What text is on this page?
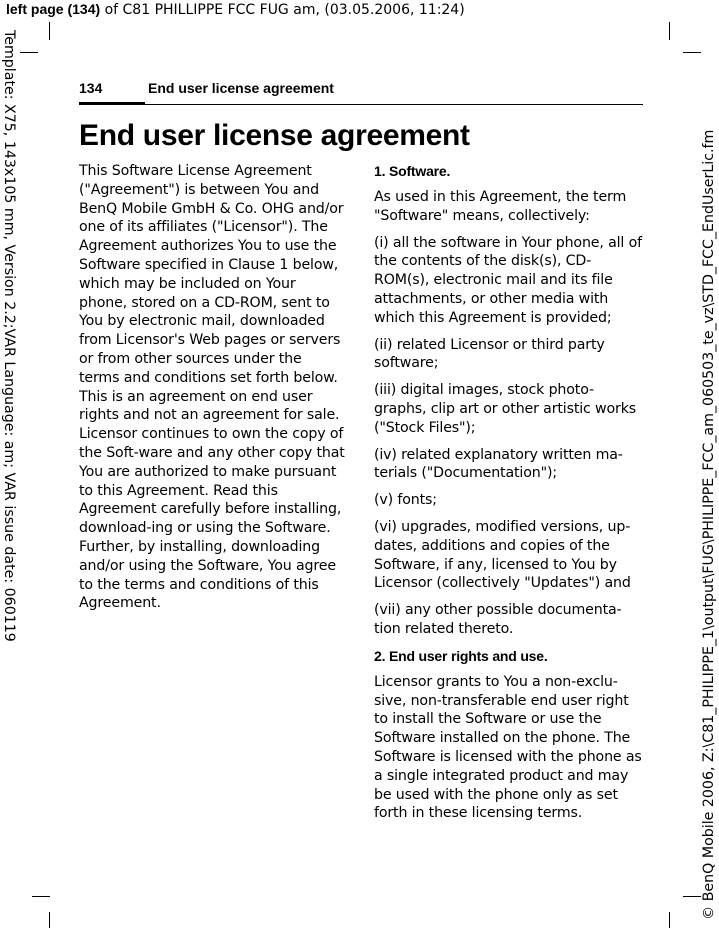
left page (134) of C81 PHILLIPPE FCC FUG am, (03.05.2006, 11:24)
Template: X75, 143x105 mm, Version 2.2;VAR Language: am; VAR issue date: 060119	© BenQ Mobile 2006, Z:\C81_PHILIPPE_1\output\FUG\PHILIPPE_FCC_am_060503_te_vz\STD_FCC_EndUserLic.fm
134	End user license agreement
End user license agreement
This Software License Agreement ("Agreement") is between You and BenQ Mobile GmbH & Co. OHG and/or one of its affiliates ("Licensor"). The Agreement authorizes You to use the Software specified in Clause 1 below, which may be included on Your phone, stored on a CD-ROM, sent to You by electronic mail, downloaded from Licensor's Web pages or servers or from other sources under the terms and conditions set forth below. This is an agreement on end user rights and not an agreement for sale. Licensor continues to own the copy of the Soft-ware and any other copy that You are authorized to make pursuant to this Agreement. Read this Agreement carefully before installing, download-ing or using the Software. Further, by installing, downloading and/or using the Software, You agree to the terms and conditions of this Agreement.
1. Software.

As used in this Agreement, the term "Software" means, collectively:

(i) all the software in Your phone, all of the contents of the disk(s), CD-ROM(s), electronic mail and its file attachments, or other media with which this Agreement is provided;

(ii) related Licensor or third party software;

(iii) digital images, stock photo-graphs, clip art or other artistic works ("Stock Files");

(iv) related explanatory written ma-terials ("Documentation");

(v) fonts;

(vi) upgrades, modified versions, up-dates, additions and copies of the Software, if any, licensed to You by Licensor (collectively "Updates") and

(vii) any other possible documenta-tion related thereto.

2. End user rights and use.

Licensor grants to You a non-exclu-sive, non-transferable end user right to install the Software or use the Software installed on the phone. The Software is licensed with the phone as a single integrated product and may be used with the phone only as set forth in these licensing terms.
